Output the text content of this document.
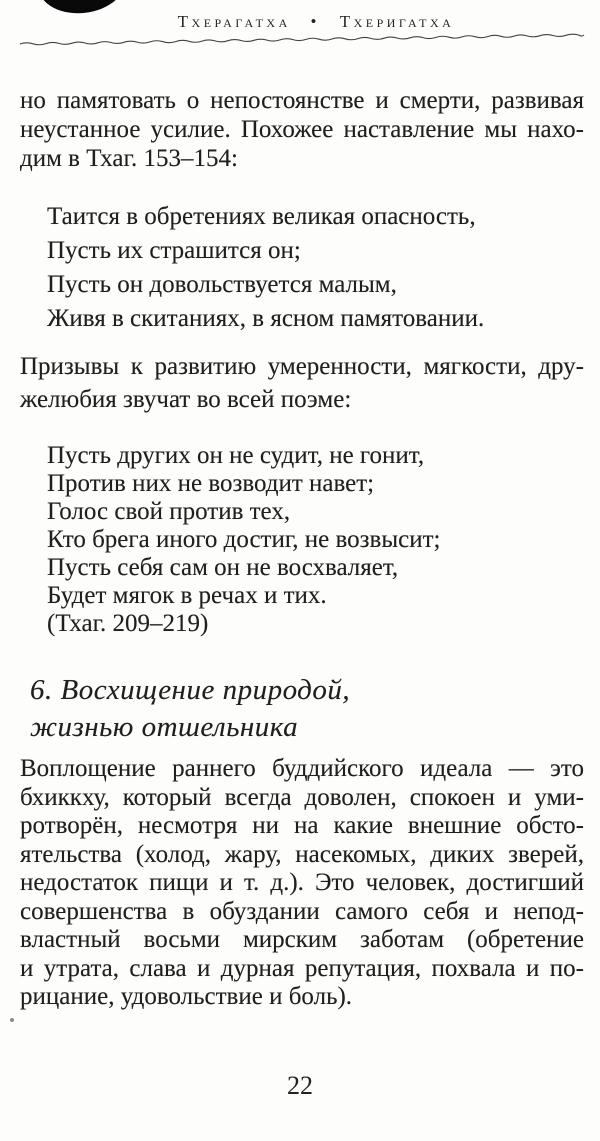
Тхерагатха • Тхеригатха
но памятовать о непостоянстве и смерти, развивая
неустанное усилие. Похожее наставление мы нахо-
дим в Тхаг. 153–154:
Таится в обретениях великая опасность,
Пусть их страшится он;
Пусть он довольствуется малым,
Живя в скитаниях, в ясном памятовании.
Призывы к развитию умеренности, мягкости, дру-
желюбия звучат во всей поэме:
Пусть других он не судит, не гонит,
Против них не возводит навет;
Голос свой против тех,
Кто брега иного достиг, не возвысит;
Пусть себя сам он не восхваляет,
Будет мягок в речах и тих.
(Тхаг. 209–219)
6. Восхищение природой,
жизнью отшельника
Воплощение раннего буддийского идеала — это
бхиккху, который всегда доволен, спокоен и уми-
ротворён, несмотря ни на какие внешние обсто-
ятельства (холод, жару, насекомых, диких зверей,
недостаток пищи и т. д.). Это человек, достигший
совершенства в обуздании самого себя и непод-
властный восьми мирским заботам (обретение
и утрата, слава и дурная репутация, похвала и по-
рицание, удовольствие и боль).
22
